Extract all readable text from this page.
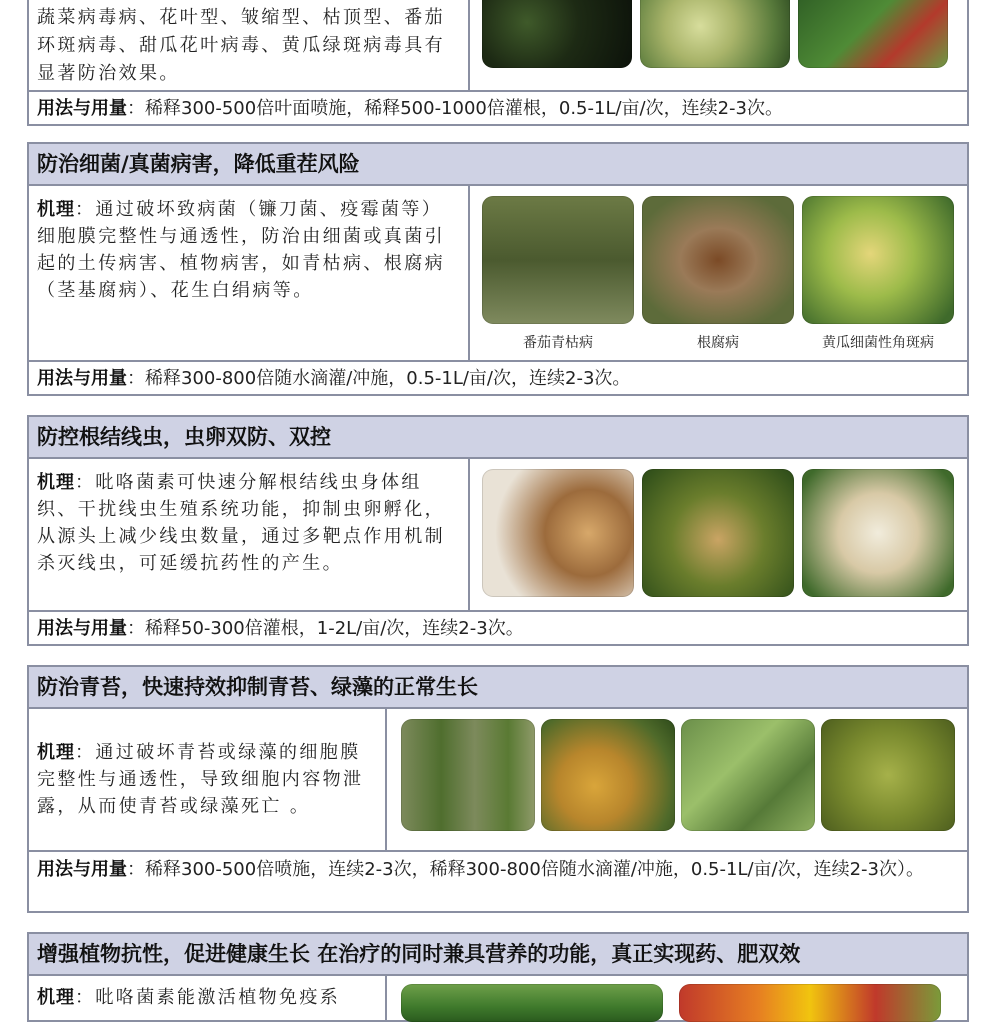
蔬菜病毒病、花叶型、皱缩型、枯顶型、番茄环斑病毒、甜瓜花叶病毒、黄瓜绿斑病毒具有显著防治效果。
用法与用量：稀释300-500倍叶面喷施，稀释500-1000倍灌根，0.5-1L/亩/次，连续2-3次。
防治细菌/真菌病害，降低重茬风险
机理：通过破坏致病菌（镰刀菌、疫霉菌等）细胞膜完整性与通透性，防治由细菌或真菌引起的土传病害、植物病害，如青枯病、根腐病（茎基腐病）、花生白绢病等。
番茄青枯病	根腐病	黄瓜细菌性角斑病
用法与用量：稀释300-800倍随水滴灌/冲施，0.5-1L/亩/次，连续2-3次。
防控根结线虫，虫卵双防、双控
机理：吡咯菌素可快速分解根结线虫身体组织、干扰线虫生殖系统功能，抑制虫卵孵化，从源头上减少线虫数量，通过多靶点作用机制杀灭线虫，可延缓抗药性的产生。
用法与用量：稀释50-300倍灌根，1-2L/亩/次，连续2-3次。
防治青苔，快速持效抑制青苔、绿藻的正常生长
机理：通过破坏青苔或绿藻的细胞膜完整性与通透性，导致细胞内容物泄露，从而使青苔或绿藻死亡 。
用法与用量：稀释300-500倍喷施，连续2-3次，稀释300-800倍随水滴灌/冲施，0.5-1L/亩/次，连续2-3次）。
增强植物抗性，促进健康生长 在治疗的同时兼具营养的功能，真正实现药、肥双效
机理：吡咯菌素能激活植物免疫系
